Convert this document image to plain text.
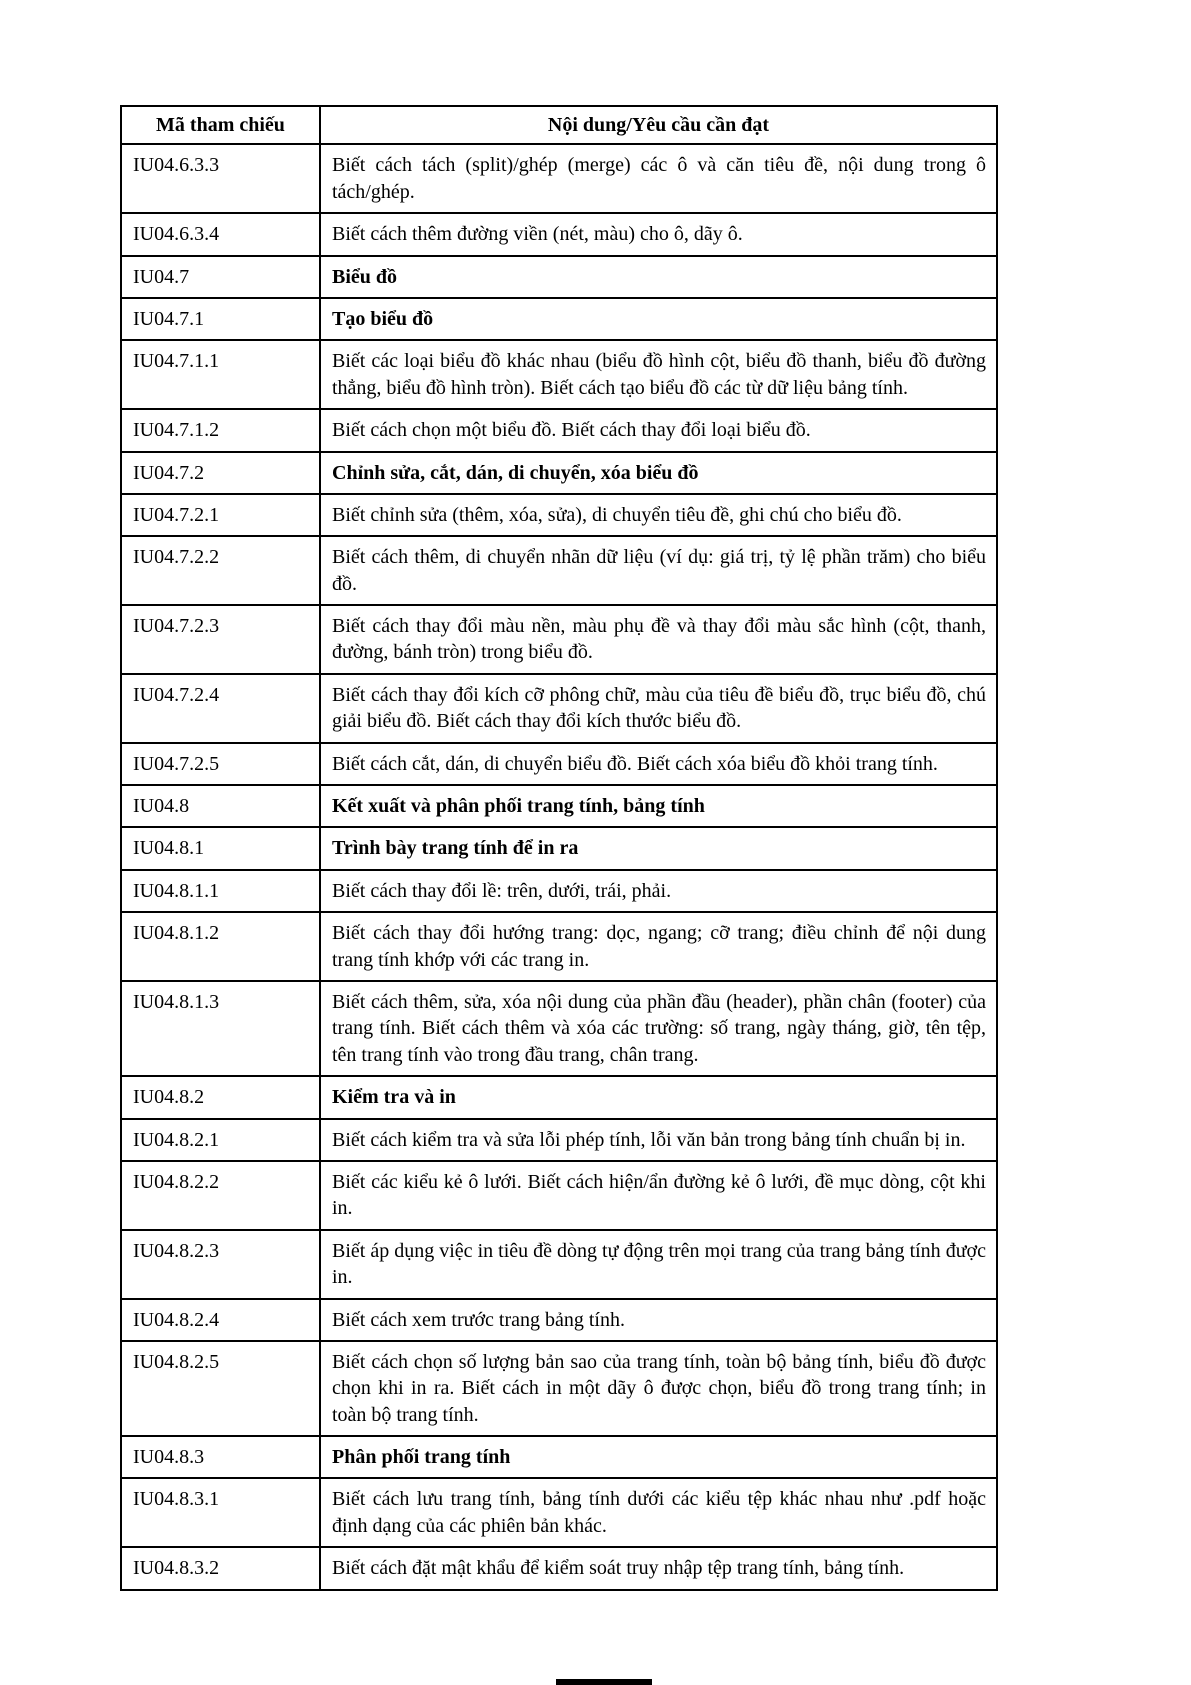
Mã tham chiếu	Nội dung/Yêu cầu cần đạt
IU04.6.3.3	Biết cách tách (split)/ghép (merge) các ô và căn tiêu đề, nội dung trong ô tách/ghép.
IU04.6.3.4	Biết cách thêm đường viền (nét, màu) cho ô, dãy ô.
IU04.7	Biểu đồ
IU04.7.1	Tạo biểu đồ
IU04.7.1.1	Biết các loại biểu đồ khác nhau (biểu đồ hình cột, biểu đồ thanh, biểu đồ đường thẳng, biểu đồ hình tròn). Biết cách tạo biểu đồ các từ dữ liệu bảng tính.
IU04.7.1.2	Biết cách chọn một biểu đồ. Biết cách thay đổi loại biểu đồ.
IU04.7.2	Chỉnh sửa, cắt, dán, di chuyển, xóa biểu đồ
IU04.7.2.1	Biết chỉnh sửa (thêm, xóa, sửa), di chuyển tiêu đề, ghi chú cho biểu đồ.
IU04.7.2.2	Biết cách thêm, di chuyển nhãn dữ liệu (ví dụ: giá trị, tỷ lệ phần trăm) cho biểu đồ.
IU04.7.2.3	Biết cách thay đổi màu nền, màu phụ đề và thay đổi màu sắc hình (cột, thanh, đường, bánh tròn) trong biểu đồ.
IU04.7.2.4	Biết cách thay đổi kích cỡ phông chữ, màu của tiêu đề biểu đồ, trục biểu đồ, chú giải biểu đồ. Biết cách thay đổi kích thước biểu đồ.
IU04.7.2.5	Biết cách cắt, dán, di chuyển biểu đồ. Biết cách xóa biểu đồ khỏi trang tính.
IU04.8	Kết xuất và phân phối trang tính, bảng tính
IU04.8.1	Trình bày trang tính để in ra
IU04.8.1.1	Biết cách thay đổi lề: trên, dưới, trái, phải.
IU04.8.1.2	Biết cách thay đổi hướng trang: dọc, ngang; cỡ trang; điều chỉnh để nội dung trang tính khớp với các trang in.
IU04.8.1.3	Biết cách thêm, sửa, xóa nội dung của phần đầu (header), phần chân (footer) của trang tính. Biết cách thêm và xóa các trường: số trang, ngày tháng, giờ, tên tệp, tên trang tính vào trong đầu trang, chân trang.
IU04.8.2	Kiểm tra và in
IU04.8.2.1	Biết cách kiểm tra và sửa lỗi phép tính, lỗi văn bản trong bảng tính chuẩn bị in.
IU04.8.2.2	Biết các kiểu kẻ ô lưới. Biết cách hiện/ẩn đường kẻ ô lưới, đề mục dòng, cột khi in.
IU04.8.2.3	Biết áp dụng việc in tiêu đề dòng tự động trên mọi trang của trang bảng tính được in.
IU04.8.2.4	Biết cách xem trước trang bảng tính.
IU04.8.2.5	Biết cách chọn số lượng bản sao của trang tính, toàn bộ bảng tính, biểu đồ được chọn khi in ra. Biết cách in một dãy ô được chọn, biểu đồ trong trang tính; in toàn bộ trang tính.
IU04.8.3	Phân phối trang tính
IU04.8.3.1	Biết cách lưu trang tính, bảng tính dưới các kiểu tệp khác nhau như .pdf hoặc định dạng của các phiên bản khác.
IU04.8.3.2	Biết cách đặt mật khẩu để kiểm soát truy nhập tệp trang tính, bảng tính.
